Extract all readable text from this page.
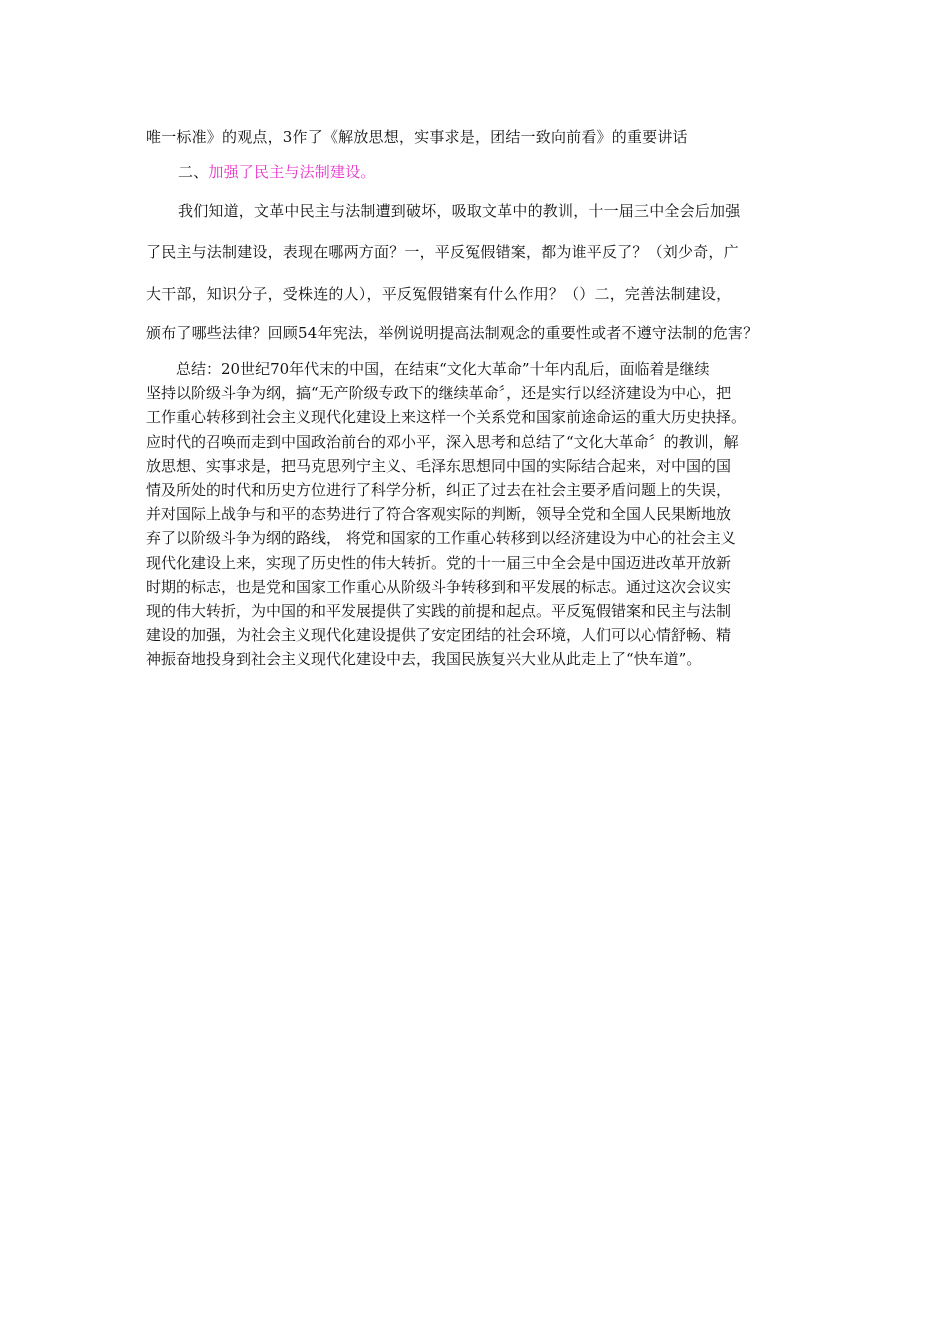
唯一标准》的观点，3作了《解放思想，实事求是，团结一致向前看》的重要讲话
二、加强了民主与法制建设。
我们知道，文革中民主与法制遭到破坏，吸取文革中的教训，十一届三中全会后加强
了民主与法制建设，表现在哪两方面？一，平反冤假错案，都为谁平反了？（刘少奇，广
大干部，知识分子，受株连的人），平反冤假错案有什么作用？（）二，完善法制建设，
颁布了哪些法律？回顾54年宪法，举例说明提高法制观念的重要性或者不遵守法制的危害？
总结：20世纪70年代末的中国，在结束“文化大革命”十年内乱后，面临着是继续
坚持以阶级斗争为纲，搞“无产阶级专政下的继续革命〞，还是实行以经济建设为中心，把
工作重心转移到社会主义现代化建设上来这样一个关系党和国家前途命运的重大历史抉择。
应时代的召唤而走到中国政治前台的邓小平，深入思考和总结了“文化大革命〞的教训，解
放思想、实事求是，把马克思列宁主义、毛泽东思想同中国的实际结合起来，对中国的国
情及所处的时代和历史方位进行了科学分析，纠正了过去在社会主要矛盾问题上的失误，
并对国际上战争与和平的态势进行了符合客观实际的判断，领导全党和全国人民果断地放
弃了以阶级斗争为纲的路线， 将党和国家的工作重心转移到以经济建设为中心的社会主义
现代化建设上来，实现了历史性的伟大转折。党的十一届三中全会是中国迈进改革开放新
时期的标志，也是党和国家工作重心从阶级斗争转移到和平发展的标志。通过这次会议实
现的伟大转折，为中国的和平发展提供了实践的前提和起点。平反冤假错案和民主与法制
建设的加强，为社会主义现代化建设提供了安定团结的社会环境，人们可以心情舒畅、精
神振奋地投身到社会主义现代化建设中去，我国民族复兴大业从此走上了“快车道”。
